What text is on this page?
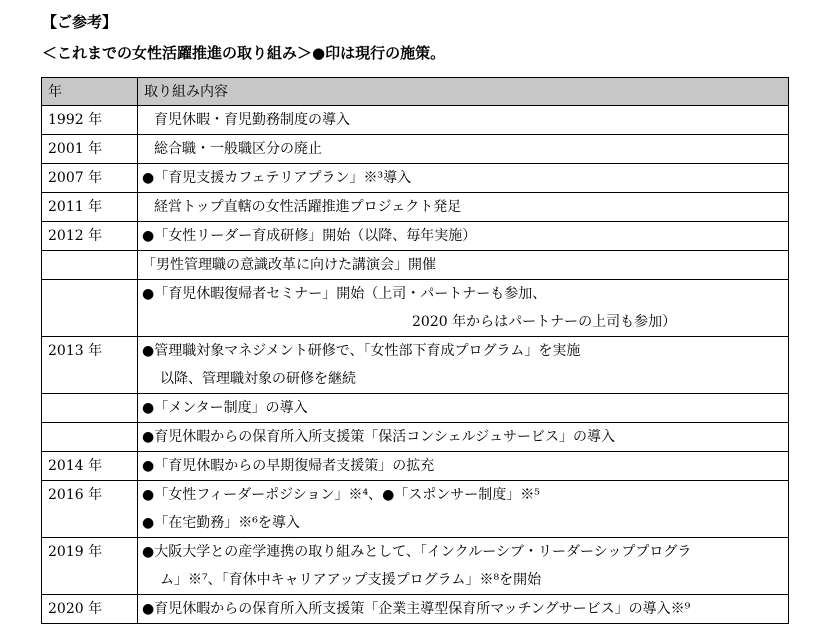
【ご参考】
＜これまでの女性活躍推進の取り組み＞●印は現行の施策。
年	取り組み内容

1992 年	育児休暇・育児勤務制度の導入

2001 年	総合職・一般職区分の廃止

2007 年	●「育児支援カフェテリアプラン」※³導入

2011 年	経営トップ直轄の女性活躍推進プロジェクト発足

2012 年	●「女性リーダー育成研修」開始（以降、毎年実施）

	「男性管理職の意識改革に向けた講演会」開催

	●「育児休暇復帰者セミナー」開始（上司・パートナーも参加、
2020 年からはパートナーの上司も参加）

2013 年	●管理職対象マネジメント研修で、「女性部下育成プログラム」を実施
以降、管理職対象の研修を継続

	●「メンター制度」の導入

	●育児休暇からの保育所入所支援策「保活コンシェルジュサービス」の導入

2014 年	●「育児休暇からの早期復帰者支援策」の拡充

2016 年	●「女性フィーダーポジション」※⁴、●「スポンサー制度」※⁵
●「在宅勤務」※⁶を導入

2019 年	●大阪大学との産学連携の取り組みとして、「インクルーシブ・リーダーシッププログラ
ム」※⁷、「育休中キャリアアップ支援プログラム」※⁸を開始

2020 年	●育児休暇からの保育所入所支援策「企業主導型保育所マッチングサービス」の導入※⁹
